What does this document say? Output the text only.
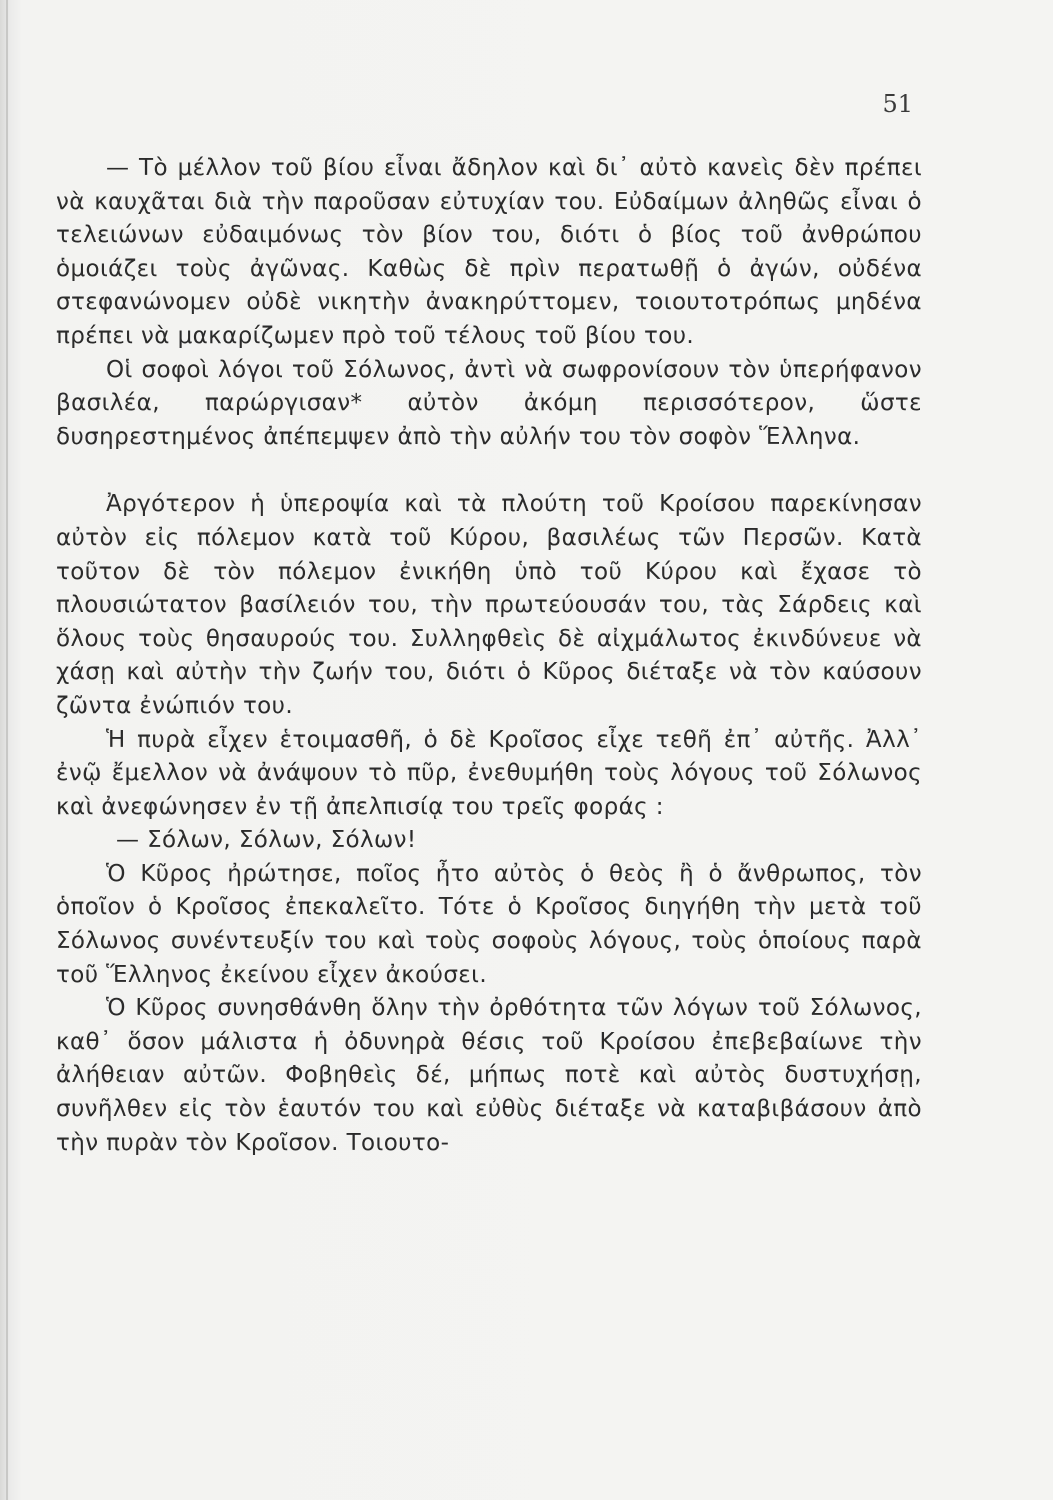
51

— Τὸ μέλλον τοῦ βίου εἶναι ἄδηλον καὶ δι᾽ αὐτὸ κανεὶς δὲν πρέπει νὰ καυχᾶται διὰ τὴν παροῦσαν εὐτυχίαν του. Εὐδαίμων ἀληθῶς εἶναι ὁ τελειώνων εὐδαιμόνως τὸν βίον του, διότι ὁ βίος τοῦ ἀνθρώπου ὁμοιάζει τοὺς ἀγῶνας. Καθὼς δὲ πρὶν περατωθῇ ὁ ἀγών, οὐδένα στεφανώνομεν οὐδὲ νικητὴν ἀνακηρύττομεν, τοιουτοτρόπως μηδένα πρέπει νὰ μακαρίζωμεν πρὸ τοῦ τέλους τοῦ βίου του.

Οἱ σοφοὶ λόγοι τοῦ Σόλωνος, ἀντὶ νὰ σωφρονίσουν τὸν ὑπερήφανον βασιλέα, παρώργισαν* αὐτὸν ἀκόμη περισσότερον, ὥστε δυσηρεστημένος ἀπέπεμψεν ἀπὸ τὴν αὐλήν του τὸν σοφὸν Ἕλληνα.

Ἀργότερον ἡ ὑπεροψία καὶ τὰ πλούτη τοῦ Κροίσου παρεκίνησαν αὐτὸν εἰς πόλεμον κατὰ τοῦ Κύρου, βασιλέως τῶν Περσῶν. Κατὰ τοῦτον δὲ τὸν πόλεμον ἐνικήθη ὑπὸ τοῦ Κύρου καὶ ἔχασε τὸ πλουσιώτατον βασίλειόν του, τὴν πρωτεύουσάν του, τὰς Σάρδεις καὶ ὅλους τοὺς θησαυρούς του. Συλληφθεὶς δὲ αἰχμάλωτος ἐκινδύνευε νὰ χάσῃ καὶ αὐτὴν τὴν ζωήν του, διότι ὁ Κῦρος διέταξε νὰ τὸν καύσουν ζῶντα ἐνώπιόν του.

Ἡ πυρὰ εἶχεν ἑτοιμασθῆ, ὁ δὲ Κροῖσος εἶχε τεθῆ ἐπ᾽ αὐτῆς. Ἀλλ᾽ ἐνῷ ἔμελλον νὰ ἀνάψουν τὸ πῦρ, ἐνεθυμήθη τοὺς λόγους τοῦ Σόλωνος καὶ ἀνεφώνησεν ἐν τῇ ἀπελπισίᾳ του τρεῖς φοράς :

— Σόλων, Σόλων, Σόλων!

Ὁ Κῦρος ἠρώτησε, ποῖος ἦτο αὐτὸς ὁ θεὸς ἢ ὁ ἄνθρωπος, τὸν ὁποῖον ὁ Κροῖσος ἐπεκαλεῖτο. Τότε ὁ Κροῖσος διηγήθη τὴν μετὰ τοῦ Σόλωνος συνέντευξίν του καὶ τοὺς σοφοὺς λόγους, τοὺς ὁποίους παρὰ τοῦ Ἕλληνος ἐκείνου εἶχεν ἀκούσει.

Ὁ Κῦρος συνησθάνθη ὅλην τὴν ὀρθότητα τῶν λόγων τοῦ Σόλωνος, καθ᾽ ὅσον μάλιστα ἡ ὀδυνηρὰ θέσις τοῦ Κροίσου ἐπεβεβαίωνε τὴν ἀλήθειαν αὐτῶν. Φοβηθεὶς δέ, μήπως ποτὲ καὶ αὐτὸς δυστυχήσῃ, συνῆλθεν εἰς τὸν ἑαυτόν του καὶ εὐθὺς διέταξε νὰ καταβιβάσουν ἀπὸ τὴν πυρὰν τὸν Κροῖσον. Τοιουτο-
